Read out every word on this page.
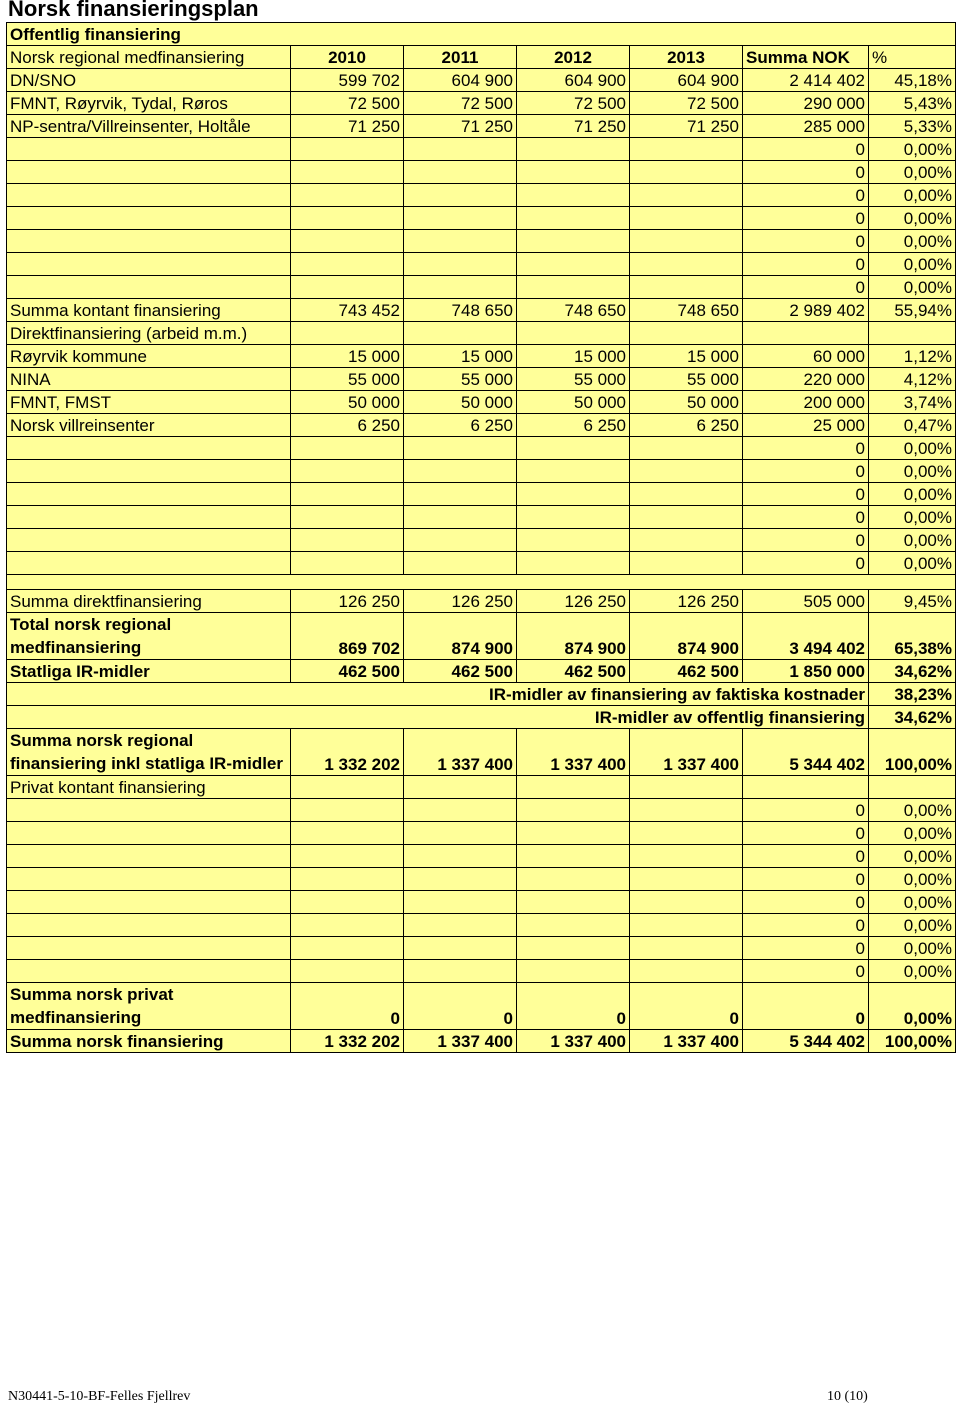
Norsk finansieringsplan
Offentlig finansiering						
Norsk regional medfinansiering	2010	2011	2012	2013	Summa NOK	%
DN/SNO	599 702	604 900	604 900	604 900	2 414 402	45,18%
FMNT, Røyrvik, Tydal, Røros	72 500	72 500	72 500	72 500	290 000	5,43%
NP-sentra/Villreinsenter, Holtåle	71 250	71 250	71 250	71 250	285 000	5,33%
					0	0,00%
					0	0,00%
					0	0,00%
					0	0,00%
					0	0,00%
					0	0,00%
					0	0,00%
Summa kontant finansiering	743 452	748 650	748 650	748 650	2 989 402	55,94%
Direktfinansiering (arbeid m.m.)						
Røyrvik kommune	15 000	15 000	15 000	15 000	60 000	1,12%
NINA	55 000	55 000	55 000	55 000	220 000	4,12%
FMNT, FMST	50 000	50 000	50 000	50 000	200 000	3,74%
Norsk villreinsenter	6 250	6 250	6 250	6 250	25 000	0,47%
					0	0,00%
					0	0,00%
					0	0,00%
					0	0,00%
					0	0,00%
					0	0,00%

Summa direktfinansiering	126 250	126 250	126 250	126 250	505 000	9,45%
Total norsk regional medfinansiering	869 702	874 900	874 900	874 900	3 494 402	65,38%
Statliga IR-midler	462 500	462 500	462 500	462 500	1 850 000	34,62%
IR-midler av finansiering av faktiska kostnader						38,23%
IR-midler av offentlig finansiering						34,62%
Summa norsk regional finansiering inkl statliga IR-midler	1 332 202	1 337 400	1 337 400	1 337 400	5 344 402	100,00%
Privat kontant finansiering						
					0	0,00%
					0	0,00%
					0	0,00%
					0	0,00%
					0	0,00%
					0	0,00%
					0	0,00%
					0	0,00%
Summa norsk privat medfinansiering	0	0	0	0	0	0,00%
Summa norsk finansiering	1 332 202	1 337 400	1 337 400	1 337 400	5 344 402	100,00%
N30441-5-10-BF-Felles Fjellrev	10 (10)
